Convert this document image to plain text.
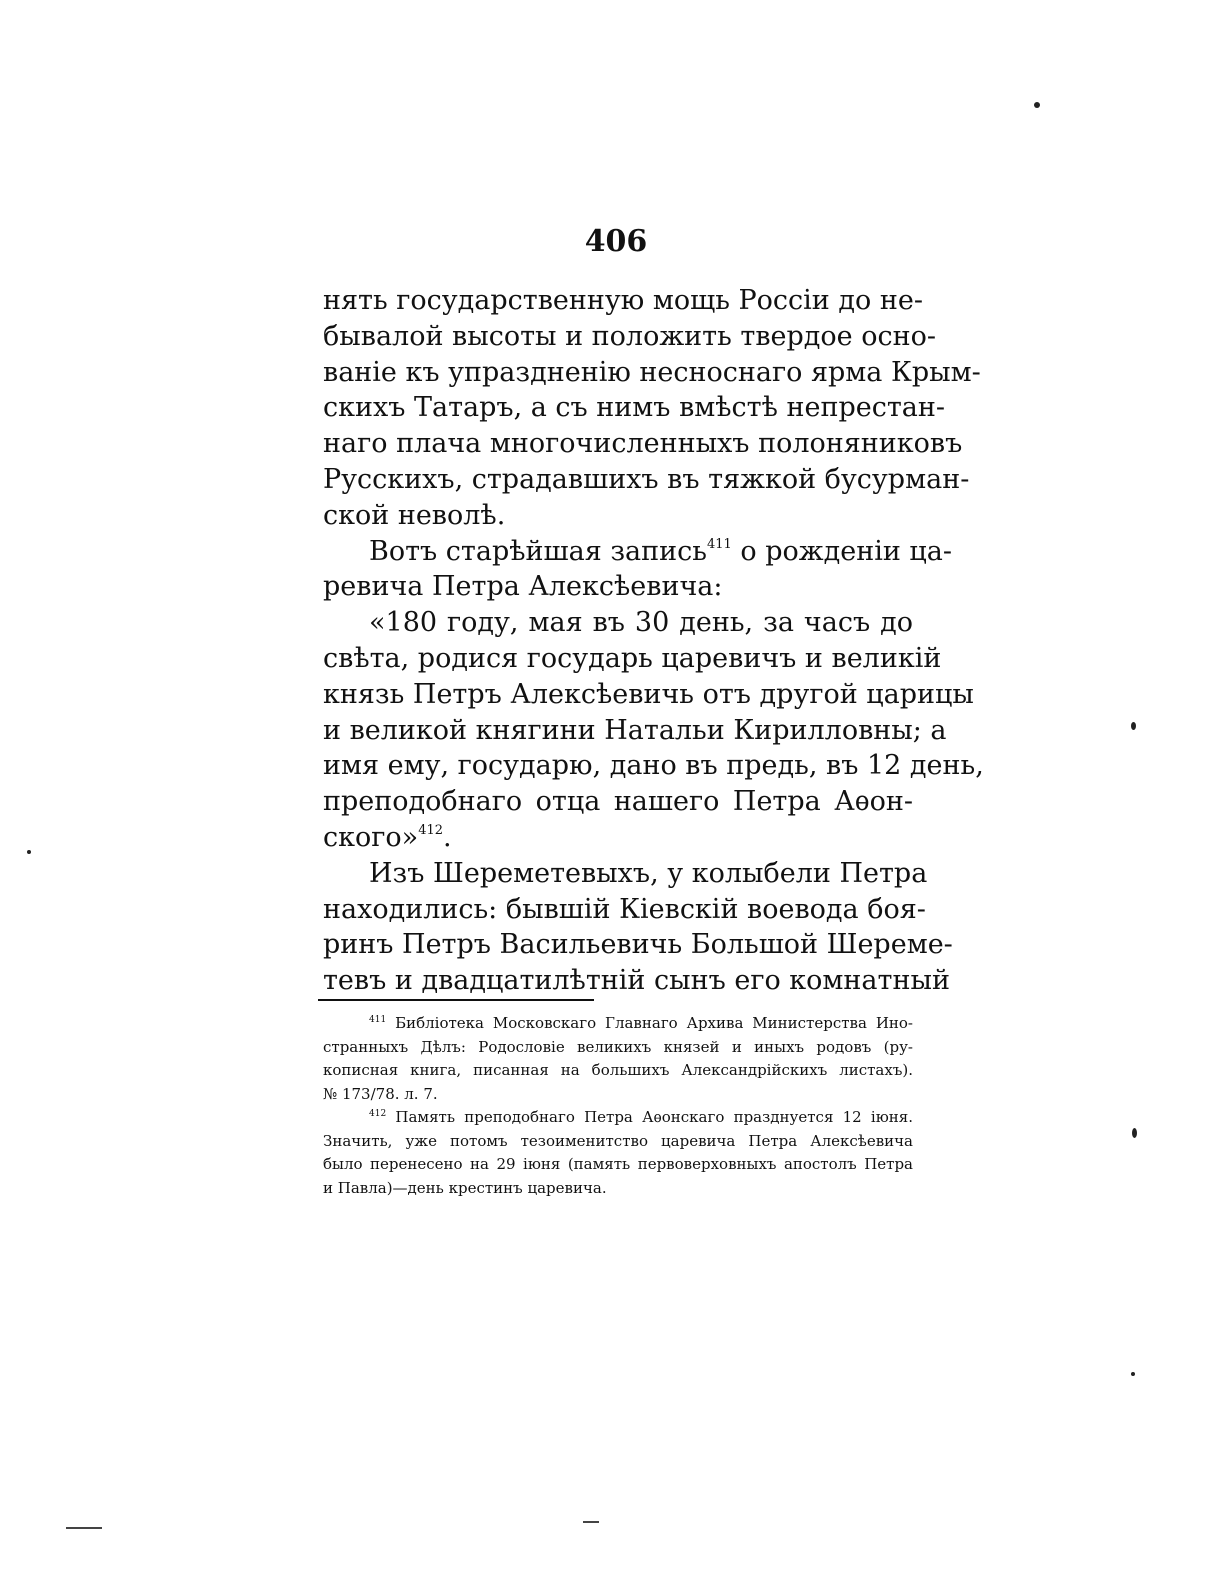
406
нять государственную мощь Россіи до не-
бывалой высоты и положить твердое осно-
ваніе къ упраздненію несноснаго ярма Крым-
скихъ Татаръ, а съ нимъ вмѣстѣ непрестан-
наго плача многочисленныхъ полоняниковъ
Русскихъ, страдавшихъ въ тяжкой бусурман-
ской неволѣ.
Вотъ старѣйшая запись$^{411}$ о рожденіи ца-
ревича Петра Алексѣевича:
«180 году, мая въ 30 день, за часъ до
свѣта, родися государь царевичъ и великій
князь Петръ Алексѣевичь отъ другой царицы
и великой княгини Натальи Кирилловны; а
имя ему, государю, дано въ предь, въ 12 день,
преподобнаго отца нашего Петра Аѳон-
ского»$^{412}$.
Изъ Шереметевыхъ, у колыбели Петра
находились: бывшій Кіевскій воевода боя-
ринъ Петръ Васильевичь Большой Шереме-
тевъ и двадцатилѣтній сынъ его комнатный
$^{411}$ Библіотека Московскаго Главнаго Архива Министерства Ино-
странныхъ Дѣлъ: Родословіе великихъ князей и иныхъ родовъ (ру-
кописная книга, писанная на большихъ Александрійскихъ листахъ).
№ 173/78. л. 7.
$^{412}$ Память преподобнаго Петра Аѳонскаго празднуется 12 іюня.
Значить, уже потомъ тезоименитство царевича Петра Алексѣевича
было перенесено на 29 іюня (память первоверховныхъ апостолъ Петра
и Павла)—день крестинъ царевича.
